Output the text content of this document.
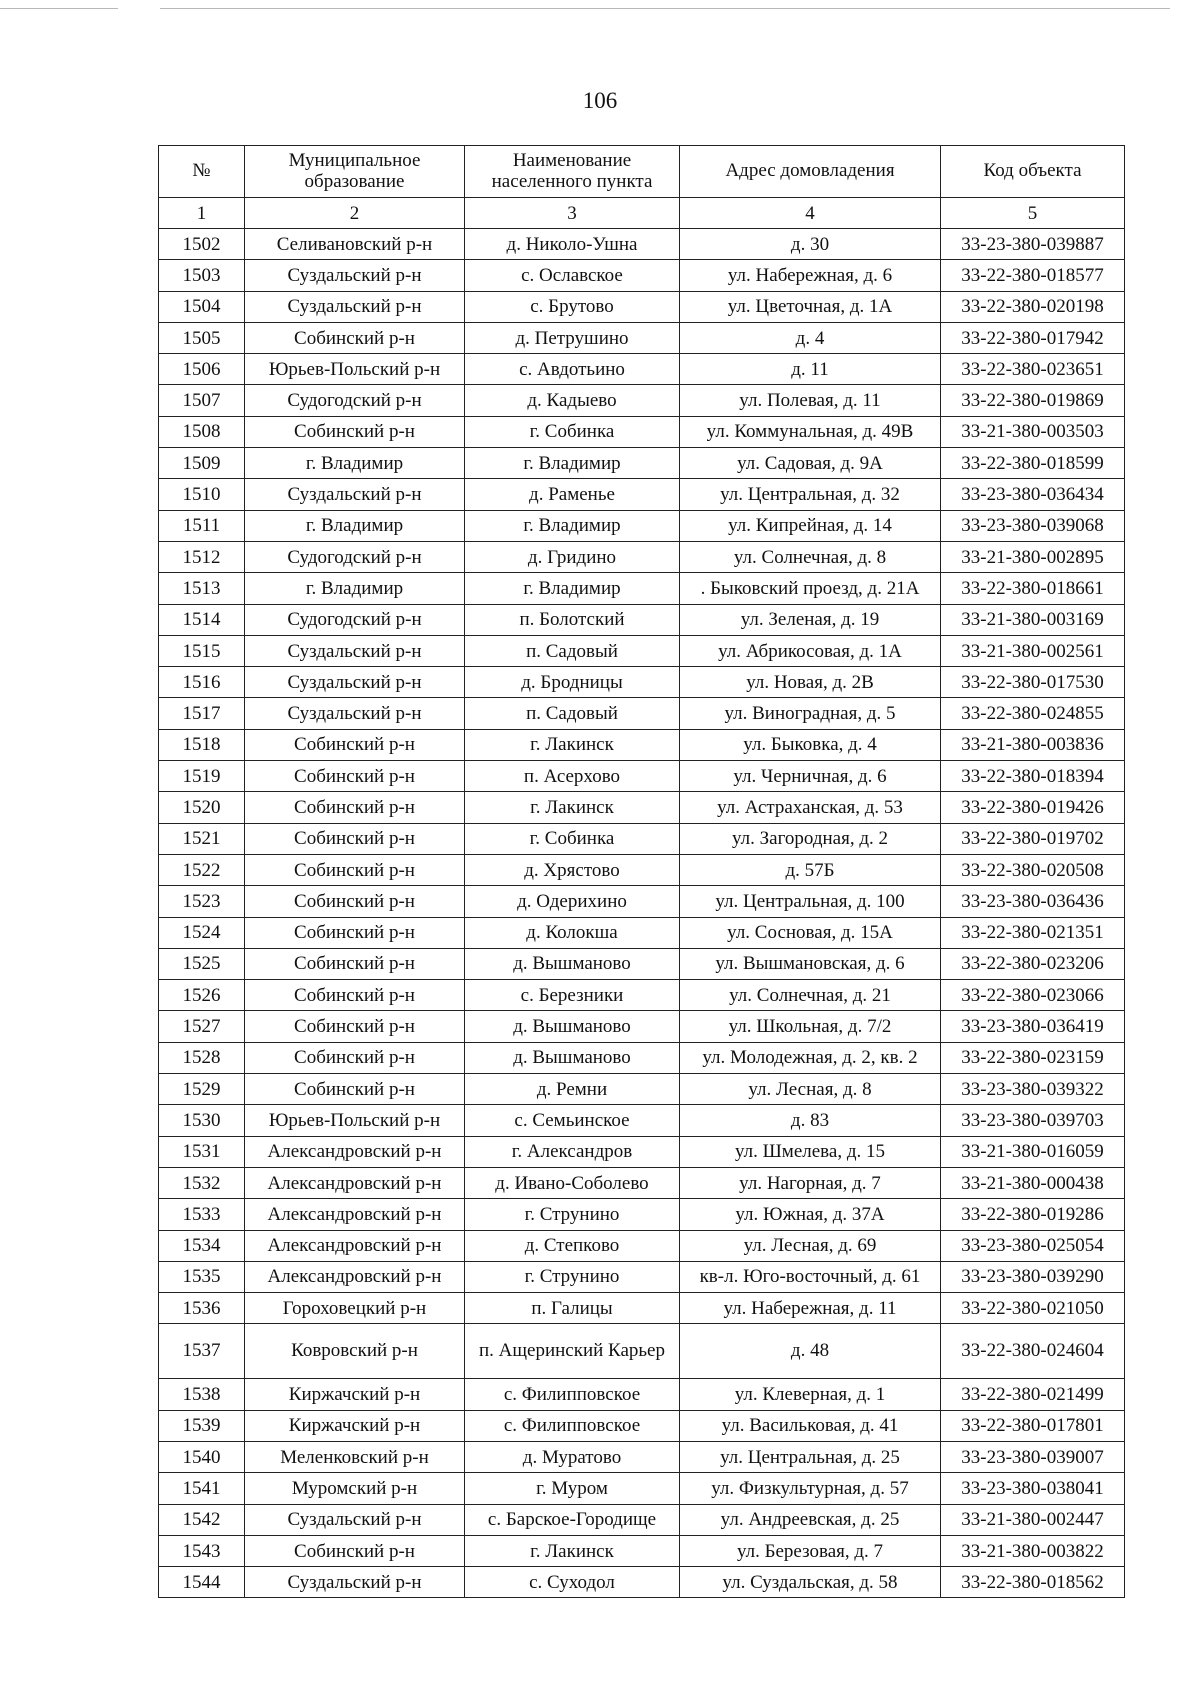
106
№	Муниципальное образование	Наименование населенного пункта	Адрес домовладения	Код объекта
1	2	3	4	5
1502	Селивановский р-н	д. Николо-Ушна	д. 30	33-23-380-039887
1503	Суздальский р-н	с. Ославское	ул. Набережная, д. 6	33-22-380-018577
1504	Суздальский р-н	с. Брутово	ул. Цветочная, д. 1А	33-22-380-020198
1505	Собинский р-н	д. Петрушино	д. 4	33-22-380-017942
1506	Юрьев-Польский р-н	с. Авдотьино	д. 11	33-22-380-023651
1507	Судогодский р-н	д. Кадыево	ул. Полевая, д. 11	33-22-380-019869
1508	Собинский р-н	г. Собинка	ул. Коммунальная, д. 49В	33-21-380-003503
1509	г. Владимир	г. Владимир	ул. Садовая, д. 9А	33-22-380-018599
1510	Суздальский р-н	д. Раменье	ул. Центральная, д. 32	33-23-380-036434
1511	г. Владимир	г. Владимир	ул. Кипрейная, д. 14	33-23-380-039068
1512	Судогодский р-н	д. Гридино	ул. Солнечная, д. 8	33-21-380-002895
1513	г. Владимир	г. Владимир	. Быковский проезд, д. 21А	33-22-380-018661
1514	Судогодский р-н	п. Болотский	ул. Зеленая, д. 19	33-21-380-003169
1515	Суздальский р-н	п. Садовый	ул. Абрикосовая, д. 1А	33-21-380-002561
1516	Суздальский р-н	д. Бродницы	ул. Новая, д. 2В	33-22-380-017530
1517	Суздальский р-н	п. Садовый	ул. Виноградная, д. 5	33-22-380-024855
1518	Собинский р-н	г. Лакинск	ул. Быковка, д. 4	33-21-380-003836
1519	Собинский р-н	п. Асерхово	ул. Черничная, д. 6	33-22-380-018394
1520	Собинский р-н	г. Лакинск	ул. Астраханская, д. 53	33-22-380-019426
1521	Собинский р-н	г. Собинка	ул. Загородная, д. 2	33-22-380-019702
1522	Собинский р-н	д. Хрястово	д. 57Б	33-22-380-020508
1523	Собинский р-н	д. Одерихино	ул. Центральная, д. 100	33-23-380-036436
1524	Собинский р-н	д. Колокша	ул. Сосновая, д. 15А	33-22-380-021351
1525	Собинский р-н	д. Вышманово	ул. Вышмановская, д. 6	33-22-380-023206
1526	Собинский р-н	с. Березники	ул. Солнечная, д. 21	33-22-380-023066
1527	Собинский р-н	д. Вышманово	ул. Школьная, д. 7/2	33-23-380-036419
1528	Собинский р-н	д. Вышманово	ул. Молодежная, д. 2, кв. 2	33-22-380-023159
1529	Собинский р-н	д. Ремни	ул. Лесная, д. 8	33-23-380-039322
1530	Юрьев-Польский р-н	с. Семьинское	д. 83	33-23-380-039703
1531	Александровский р-н	г. Александров	ул. Шмелева, д. 15	33-21-380-016059
1532	Александровский р-н	д. Ивано-Соболево	ул. Нагорная, д. 7	33-21-380-000438
1533	Александровский р-н	г. Струнино	ул. Южная, д. 37А	33-22-380-019286
1534	Александровский р-н	д. Степково	ул. Лесная, д. 69	33-23-380-025054
1535	Александровский р-н	г. Струнино	кв-л. Юго-восточный, д. 61	33-23-380-039290
1536	Гороховецкий р-н	п. Галицы	ул. Набережная, д. 11	33-22-380-021050
1537	Ковровский р-н	п. Ащеринский Карьер	д. 48	33-22-380-024604
1538	Киржачский р-н	с. Филипповское	ул. Клеверная, д. 1	33-22-380-021499
1539	Киржачский р-н	с. Филипповское	ул. Васильковая, д. 41	33-22-380-017801
1540	Меленковский р-н	д. Муратово	ул. Центральная, д. 25	33-23-380-039007
1541	Муромский р-н	г. Муром	ул. Физкультурная, д. 57	33-23-380-038041
1542	Суздальский р-н	с. Барское-Городище	ул. Андреевская, д. 25	33-21-380-002447
1543	Собинский р-н	г. Лакинск	ул. Березовая, д. 7	33-21-380-003822
1544	Суздальский р-н	с. Суходол	ул. Суздальская, д. 58	33-22-380-018562
